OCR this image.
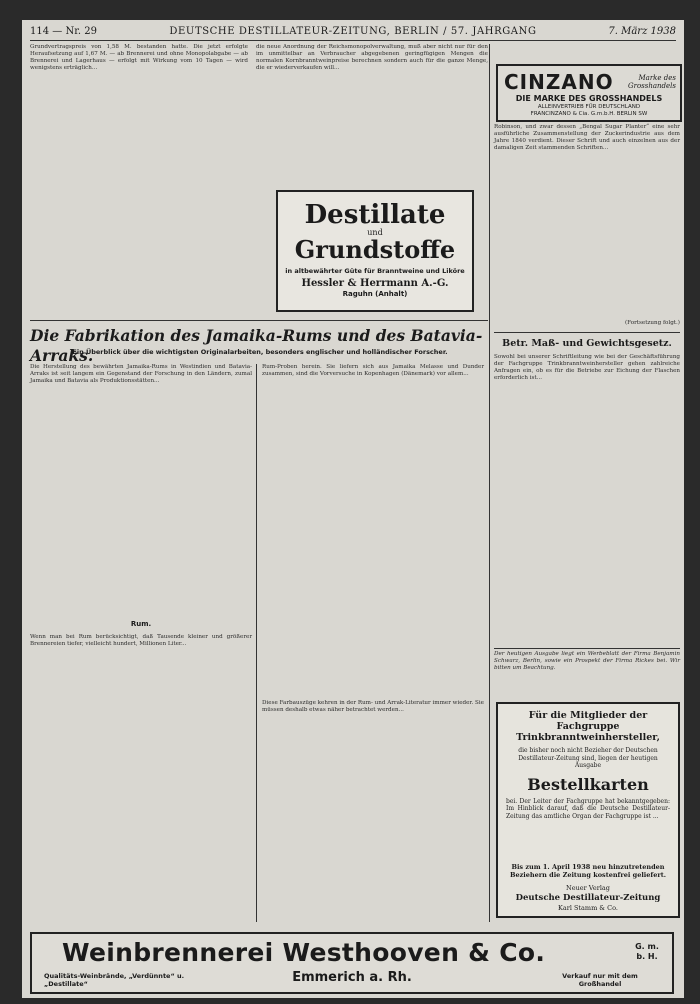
114 — Nr. 29	DEUTSCHE DESTILLATEUR-ZEITUNG, BERLIN / 57. JAHRGANG	7. März 1938
Grundvertragspreis von 1,58 M. bestanden hatte. Die jetzt erfolgte Heraufsetzung auf 1,67 M. — ab Brennerei und ohne Monopolabgabe — ab Brennerei und Lagerhaus — erfolgt mit Wirkung vom 10 Tagen — wird wenigstens erträglich...
die neue Anordnung der Reichsmonopolverwaltung, muß aber nicht nur für den im unmittelbar an Verbraucher abgegebenen geringfügigen Mengen die normalen Kornbranntweinpreise berechnen sondern auch für die ganze Menge, die er wiederverkaufen will...
Destillate
und
Grundstoffe
in altbewährter Güte für Branntweine und Liköre
Hessler & Herrmann A.-G.
Raguhn (Anhalt)
CINZANO	Marke des Grosshandels
DIE MARKE DES GROSSHANDELS
ALLEINVERTRIEB FÜR DEUTSCHLAND
FRANCINZANO & Cia. G.m.b.H. BERLIN SW
Robinson, und zwar dessen „Bengal Sugar Planter“ eine sehr ausführliche Zusammenstellung der Zuckerindustrie aus dem Jahre 1840 verdient. Dieser Schrift und auch einzelnen aus der damaligen Zeit stammenden Schriften...
(Fortsetzung folgt.)
Die Fabrikation des Jamaika-Rums und des Batavia-Arraks.
Ein Überblick über die wichtigsten Originalarbeiten, besonders englischer und holländischer Forscher.
Die Herstellung des bewährten Jamaika-Rums in Westindien und Batavia-Arraks ist seit langem ein Gegenstand der Forschung in den Ländern, zumal Jamaika und Batavia als Produktionsstätten...
Rum.
Wenn man bei Rum berücksichtigt, daß Tausende kleiner und größerer Brennereien tiefer, vielleicht hundert, Millionen Liter...
Rum-Proben herein. Sie liefern sich aus Jamaika Melasse und Dunder zusammen, sind die Vorversuche in Kopenhagen (Dänemark) vor allem...
Diese Farbauszüge kehren in der Rum- und Arrak-Literatur immer wieder. Sie müssen deshalb etwas näher betrachtet werden...
Betr. Maß- und Gewichtsgesetz.
Sowohl bei unserer Schriftleitung wie bei der Geschäftsführung der Fachgruppe Trinkbranntweinhersteller gehen zahlreiche Anfragen ein, ob es für die Betriebe zur Eichung der Flaschen erforderlich ist...
Der heutigen Ausgabe liegt ein Werbeblatt der Firma Benjamin Schwarz, Berlin, sowie ein Prospekt der Firma Rickes bei. Wir bitten um Beachtung.
Für die Mitglieder der Fachgruppe Trinkbranntweinhersteller,
die bisher noch nicht Bezieher der Deutschen Destillateur-Zeitung sind, liegen der heutigen Ausgabe
Bestellkarten
bei. Der Leiter der Fachgruppe hat bekanntgegeben: Im Hinblick darauf, daß die Deutsche Destillateur-Zeitung das amtliche Organ der Fachgruppe ist ...
Bis zum 1. April 1938 neu hinzutretenden Beziehern die Zeitung kostenfrei geliefert.
Neuer Verlag
Deutsche Destillateur-Zeitung
Karl Stamm & Co.
Weinbrennerei Westhooven & Co.	G. m. b. H.
Qualitäts-Weinbrände, „Verdünnte“ u. „Destillate“	Emmerich a. Rh.	Verkauf nur mit dem Großhandel
